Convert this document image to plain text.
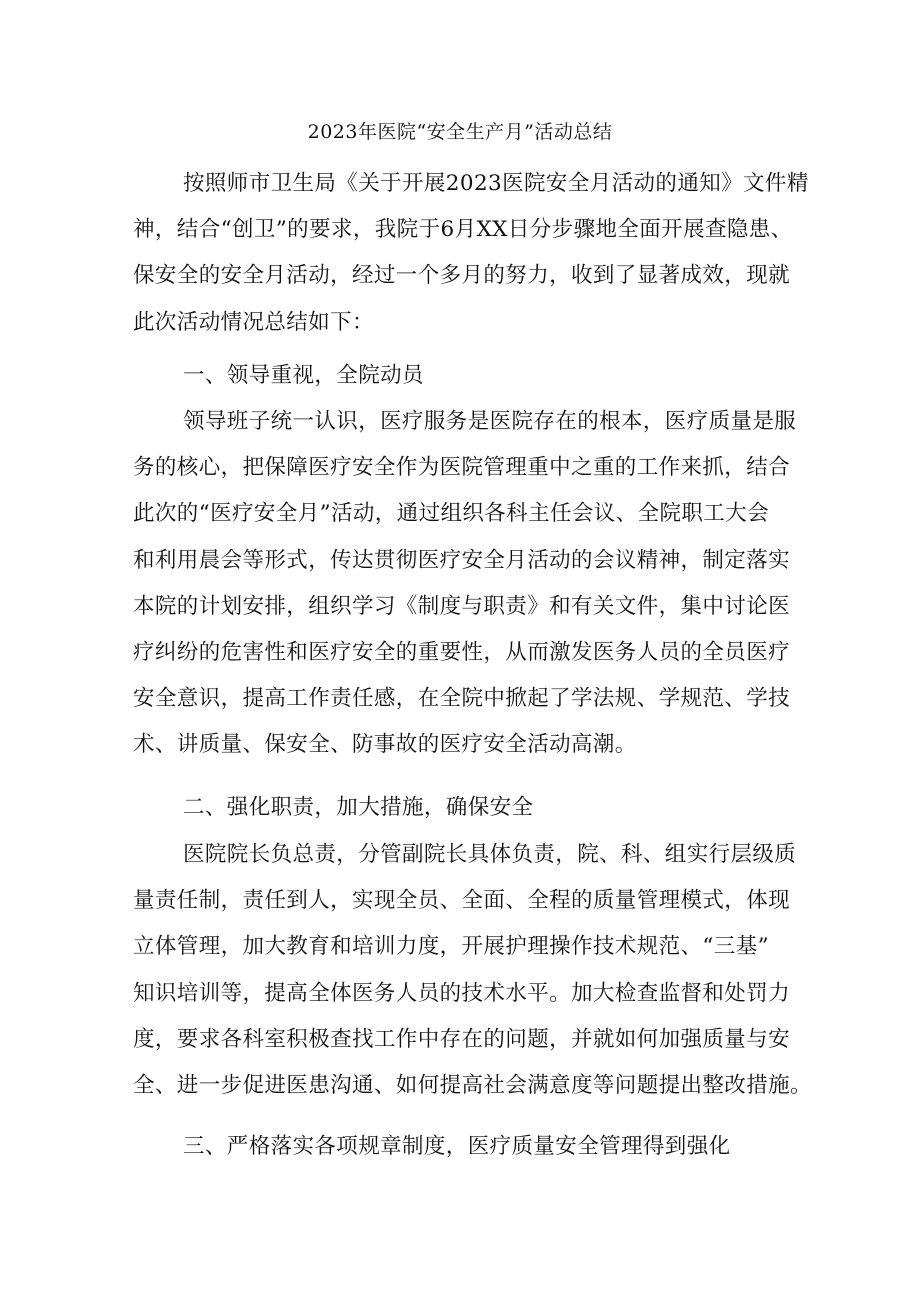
2023年医院“安全生产月”活动总结
按照师市卫生局《关于开展2023医院安全月活动的通知》文件精
神，结合“创卫”的要求，我院于6月XX日分步骤地全面开展查隐患、
保安全的安全月活动，经过一个多月的努力，收到了显著成效，现就
此次活动情况总结如下：
一、领导重视，全院动员
领导班子统一认识，医疗服务是医院存在的根本，医疗质量是服
务的核心，把保障医疗安全作为医院管理重中之重的工作来抓，结合
此次的“医疗安全月”活动，通过组织各科主任会议、全院职工大会
和利用晨会等形式，传达贯彻医疗安全月活动的会议精神，制定落实
本院的计划安排，组织学习《制度与职责》和有关文件，集中讨论医
疗纠纷的危害性和医疗安全的重要性，从而激发医务人员的全员医疗
安全意识，提高工作责任感，在全院中掀起了学法规、学规范、学技
术、讲质量、保安全、防事故的医疗安全活动高潮。
二、强化职责，加大措施，确保安全
医院院长负总责，分管副院长具体负责，院、科、组实行层级质
量责任制，责任到人，实现全员、全面、全程的质量管理模式，体现
立体管理，加大教育和培训力度，开展护理操作技术规范、“三基”
知识培训等，提高全体医务人员的技术水平。加大检查监督和处罚力
度，要求各科室积极查找工作中存在的问题，并就如何加强质量与安
全、进一步促进医患沟通、如何提高社会满意度等问题提出整改措施。
三、严格落实各项规章制度，医疗质量安全管理得到强化
